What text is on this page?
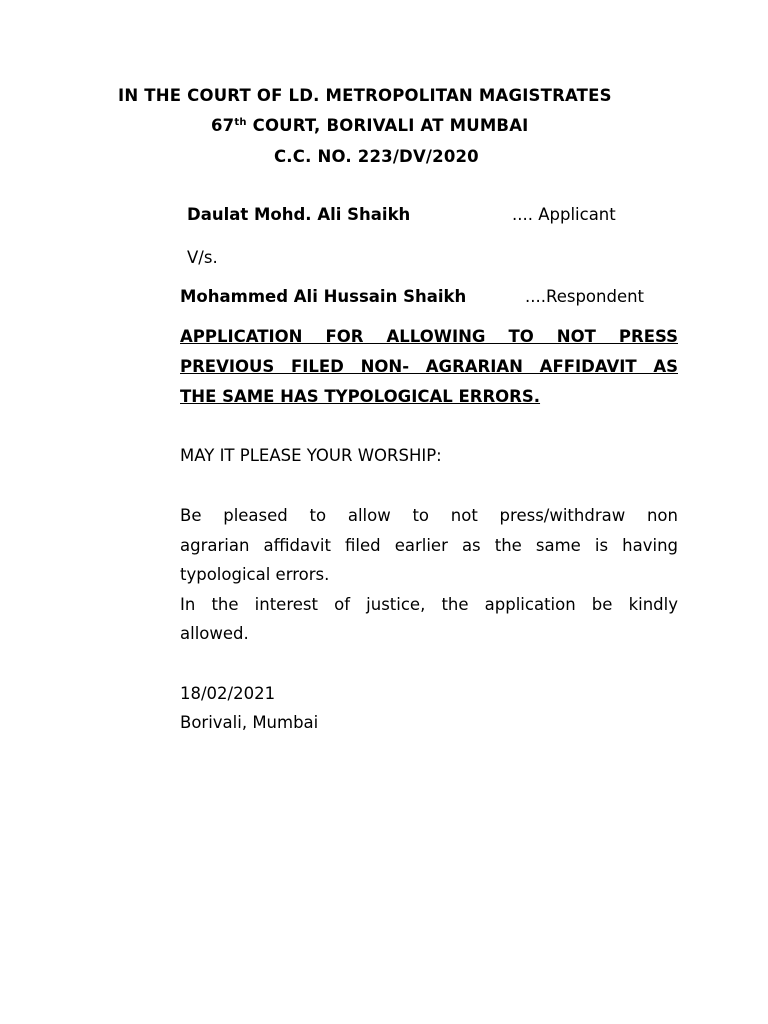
IN THE COURT OF LD. METROPOLITAN MAGISTRATES
67th COURT, BORIVALI AT MUMBAI
C.C. NO. 223/DV/2020
Daulat Mohd. Ali Shaikh	.... Applicant
V/s.
Mohammed Ali Hussain Shaikh	....Respondent
APPLICATION FOR ALLOWING TO NOT PRESS
PREVIOUS FILED NON- AGRARIAN AFFIDAVIT AS
THE SAME HAS TYPOLOGICAL ERRORS.
MAY IT PLEASE YOUR WORSHIP:
Be pleased to allow to not press/withdraw non
agrarian affidavit filed earlier as the same is having
typological errors.
In the interest of justice, the application be kindly
allowed.
18/02/2021
Borivali, Mumbai
